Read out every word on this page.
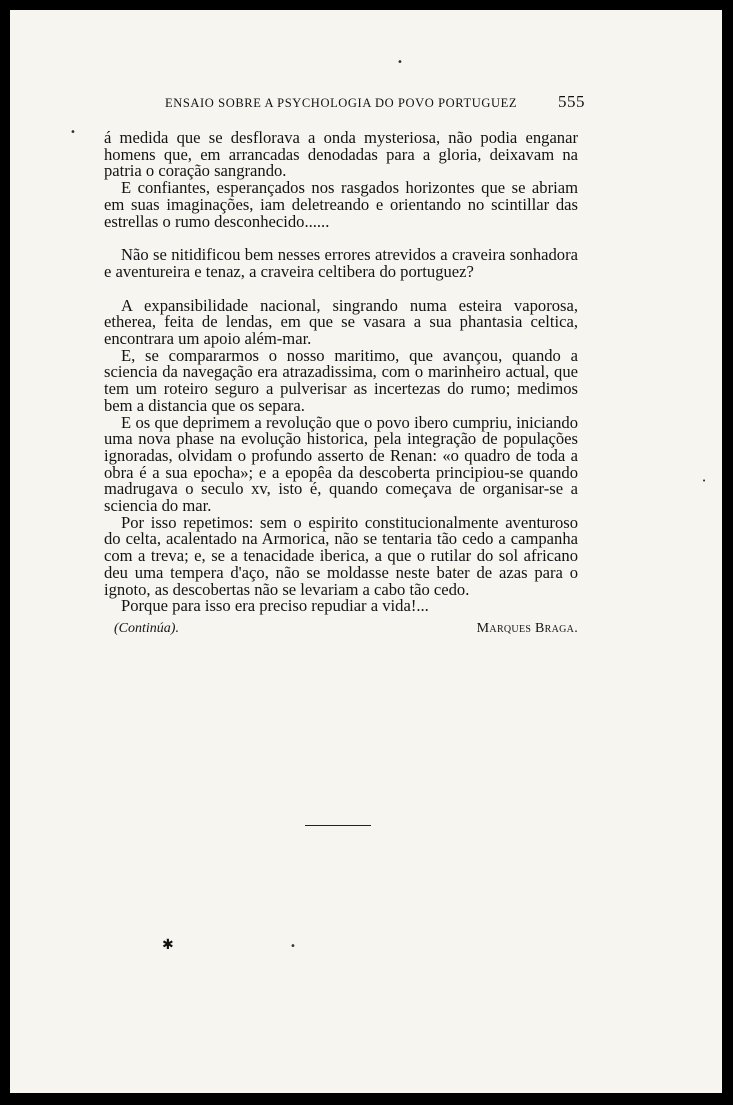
•
•
•
✱	•
ENSAIO SOBRE A PSYCHOLOGIA DO POVO PORTUGUEZ 555

á medida que se desflorava a onda mysteriosa, não podia enganar homens que, em arrancadas denodadas para a gloria, deixavam na patria o coração sangrando.

E confiantes, esperançados nos rasgados horizontes que se abriam em suas imaginações, iam deletreando e orientando no scintillar das estrellas o rumo desconhecido......

Não se nitidificou bem nesses errores atrevidos a craveira sonhadora e aventureira e tenaz, a craveira celtibera do portuguez?

A expansibilidade nacional, singrando numa esteira vaporosa, etherea, feita de lendas, em que se vasara a sua phantasia celtica, encontrara um apoio além-mar.

E, se compararmos o nosso maritimo, que avançou, quando a sciencia da navegação era atrazadissima, com o marinheiro actual, que tem um roteiro seguro a pulverisar as incertezas do rumo; medimos bem a distancia que os separa.

E os que deprimem a revolução que o povo ibero cumpriu, iniciando uma nova phase na evolução historica, pela integração de populações ignoradas, olvidam o profundo asserto de Renan: «o quadro de toda a obra é a sua epocha»; e a epopêa da descoberta principiou-se quando madrugava o seculo xv, isto é, quando começava de organisar-se a sciencia do mar.

Por isso repetimos: sem o espirito constitucionalmente aventuroso do celta, acalentado na Armorica, não se tentaria tão cedo a campanha com a treva; e, se a tenacidade iberica, a que o rutilar do sol africano deu uma tempera d'aço, não se moldasse neste bater de azas para o ignoto, as descobertas não se levariam a cabo tão cedo.

Porque para isso era preciso repudiar a vida!...

(Continúa).	Marques Braga.
